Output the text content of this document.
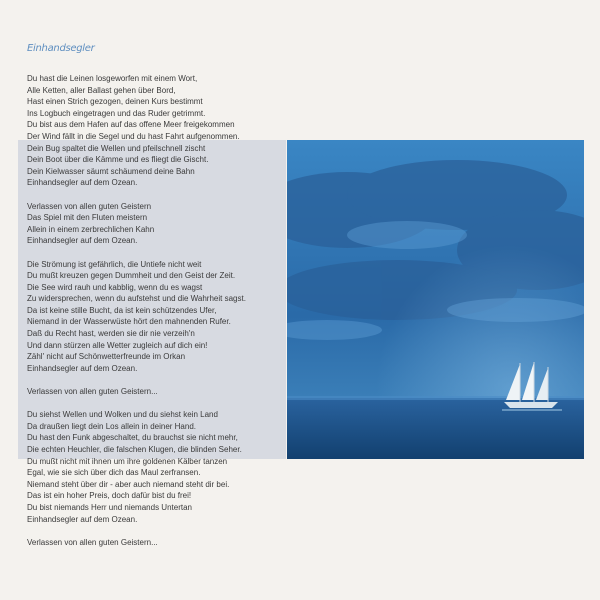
Einhandsegler
Du hast die Leinen losgeworfen mit einem Wort,
Alle Ketten, aller Ballast gehen über Bord,
Hast einen Strich gezogen, deinen Kurs bestimmt
Ins Logbuch eingetragen und das Ruder getrimmt.
Du bist aus dem Hafen auf das offene Meer freigekommen
Der Wind fällt in die Segel und du hast Fahrt aufgenommen.
Dein Bug spaltet die Wellen und pfeilschnell zischt
Dein Boot über die Kämme und es fliegt die Gischt.
Dein Kielwasser säumt schäumend deine Bahn
Einhandsegler auf dem Ozean.
Verlassen von allen guten Geistern
Das Spiel mit den Fluten meistern
Allein in einem zerbrechlichen Kahn
Einhandsegler auf dem Ozean.
Die Strömung ist gefährlich, die Untiefe nicht weit
Du mußt kreuzen gegen Dummheit und den Geist der Zeit.
Die See wird rauh und kabblig, wenn du es wagst
Zu widersprechen, wenn du aufstehst und die Wahrheit sagst.
Da ist keine stille Bucht, da ist kein schützendes Ufer,
Niemand in der Wasserwüste hört den mahnenden Rufer.
Daß du Recht hast, werden sie dir nie verzeih'n
Und dann stürzen alle Wetter zugleich auf dich ein!
Zähl' nicht auf Schönwetterfreunde im Orkan
Einhandsegler auf dem Ozean.
Verlassen von allen guten Geistern...
Du siehst Wellen und Wolken und du siehst kein Land
Da draußen liegt dein Los allein in deiner Hand.
Du hast den Funk abgeschaltet, du brauchst sie nicht mehr,
Die echten Heuchler, die falschen Klugen, die blinden Seher.
Du mußt nicht mit ihnen um ihre goldenen Kälber tanzen
Egal, wie sie sich über dich das Maul zerfransen.
Niemand steht über dir - aber auch niemand steht dir bei.
Das ist ein hoher Preis, doch dafür bist du frei!
Du bist niemands Herr und niemands Untertan
Einhandsegler auf dem Ozean.
Verlassen von allen guten Geistern...
